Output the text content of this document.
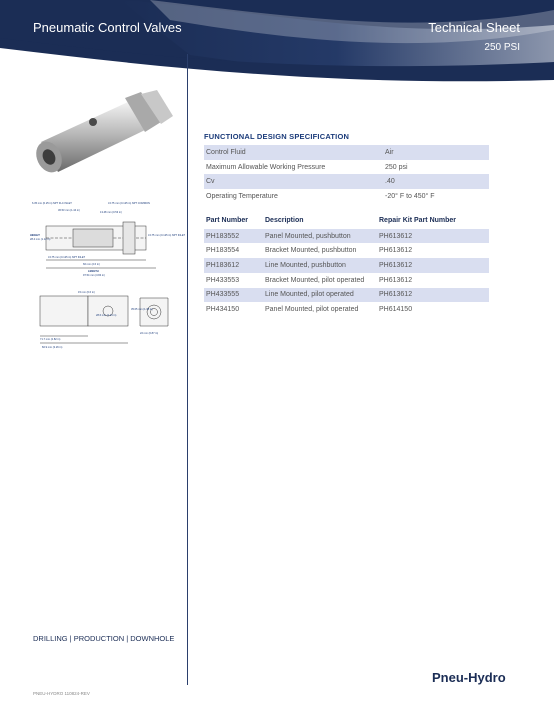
Pneumatic Control Valves	Technical Sheet
250 PSI
6.35 mm (0.25 in) NPT FLC INLET	3.175 mm (0.125 in) NPT COMMON
36.53 mm (1.44 in)
13.48 mm (0.53 in)
HEIGHT
28.4 mm (1.12 in)
3.175 mm (0.125 in) NPT INLET
3.175 mm (0.125 in) NPT INLET
66 mm (2.6 in)
LENGTH
97.54 mm (3.84 in)
15 mm (0.6 in)
28.6 mm (1.13 in)
35.05 mm (1.38 in)
22 mm (0.87 in)
71.7 mm (2.82 in)
82.9 mm (3.26 in)
FUNCTIONAL DESIGN SPECIFICATION
Control Fluid	Air
Maximum Allowable Working Pressure	250 psi
Cv	.40
Operating Temperature	-20° F to 450° F
Part Number	Description	Repair Kit Part Number
PH183552	Panel Mounted, pushbutton	PH613612
PH183554	Bracket Mounted, pushbutton	PH613612
PH183612	Line Mounted, pushbutton	PH613612
PH433553	Bracket Mounted, pilot operated	PH613612
PH433555	Line Mounted, pilot operated	PH613612
PH434150	Panel Mounted, pilot operated	PH614150
DRILLING | PRODUCTION | DOWNHOLE
Pneu-Hydro
PNEU-HYDRO 110824-REV
